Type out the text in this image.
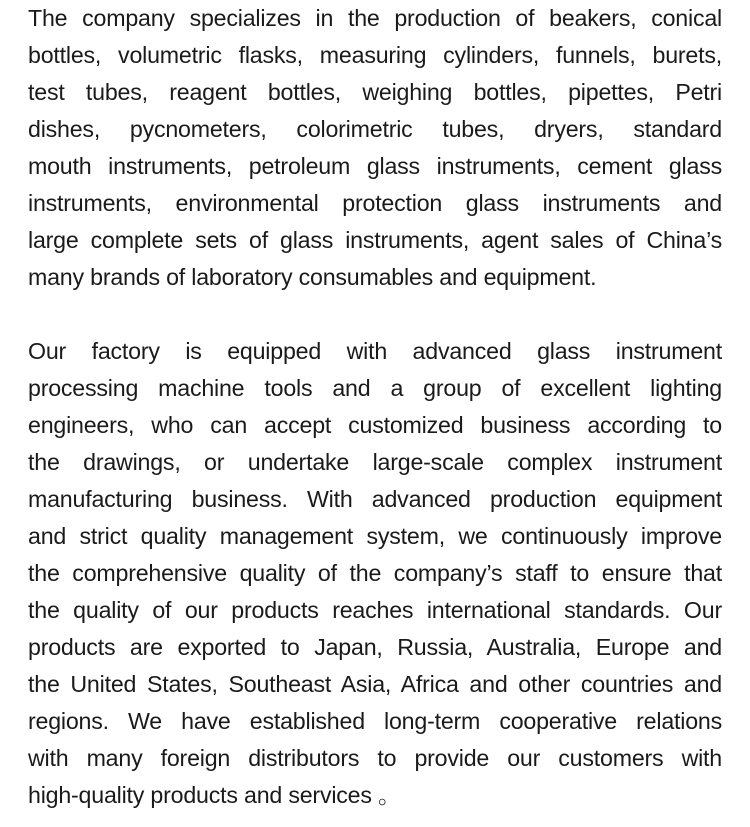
The company specializes in the production of beakers, conical
bottles, volumetric flasks, measuring cylinders, funnels, burets,
test tubes, reagent bottles, weighing bottles, pipettes, Petri
dishes, pycnometers, colorimetric tubes, dryers, standard
mouth instruments, petroleum glass instruments, cement glass
instruments, environmental protection glass instruments and
large complete sets of glass instruments, agent sales of China’s
many brands of laboratory consumables and equipment.

Our factory is equipped with advanced glass instrument
processing machine tools and a group of excellent lighting
engineers, who can accept customized business according to
the drawings, or undertake large-scale complex instrument
manufacturing business. With advanced production equipment
and strict quality management system, we continuously improve
the comprehensive quality of the company’s staff to ensure that
the quality of our products reaches international standards. Our
products are exported to Japan, Russia, Australia, Europe and
the United States, Southeast Asia, Africa and other countries and
regions. We have established long-term cooperative relations
with many foreign distributors to provide our customers with
high-quality products and services 。
